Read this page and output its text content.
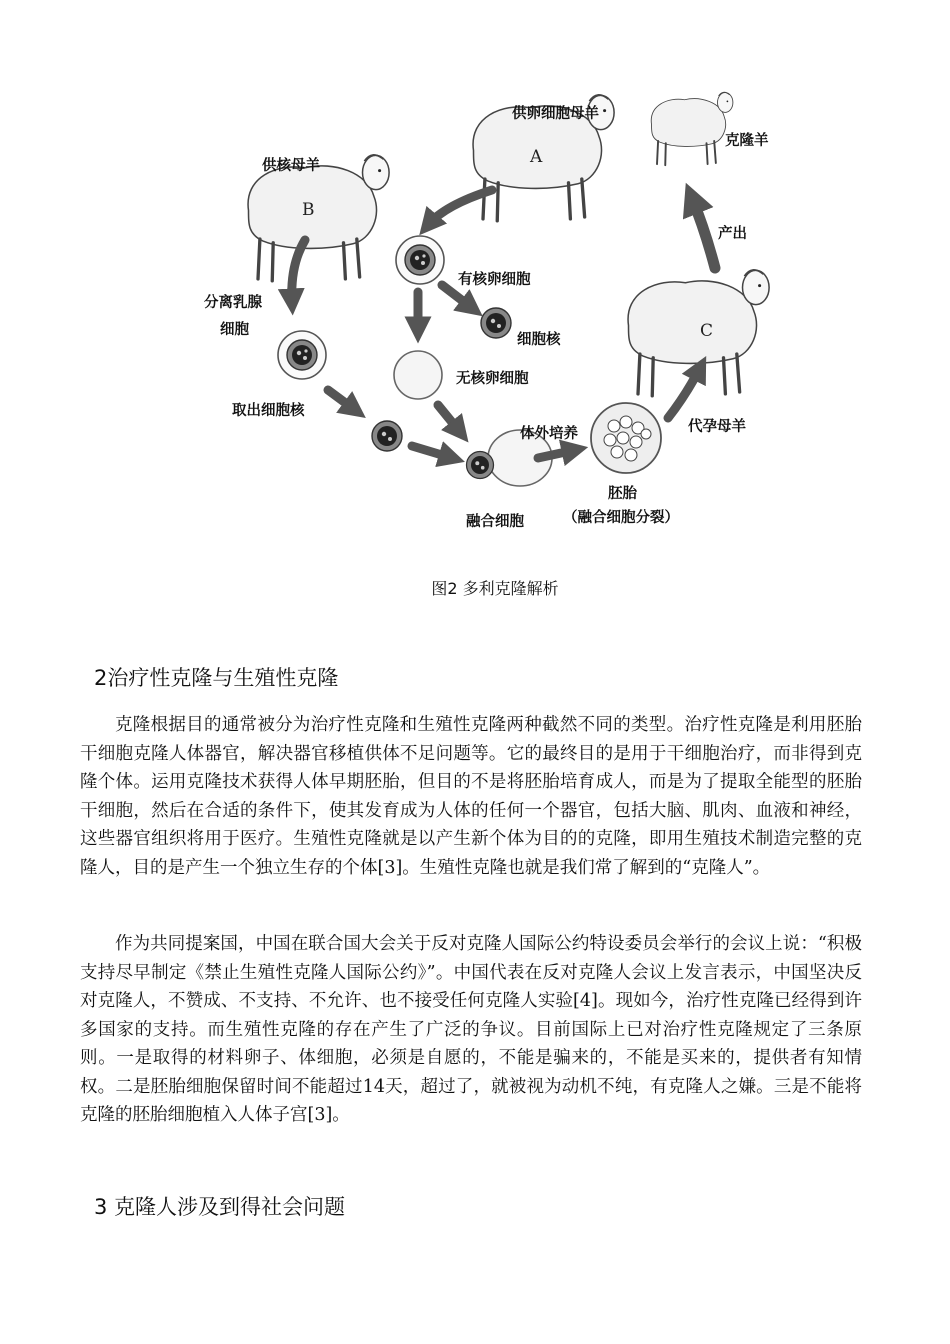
A
B
C
供卵细胞母羊
供核母羊
克隆羊
产出
分离乳腺
细胞
有核卵细胞
细胞核
无核卵细胞
取出细胞核
体外培养	代孕母羊
融合细胞
胚胎
（融合细胞分裂）
图2 多利克隆解析
2治疗性克隆与生殖性克隆

克隆根据目的通常被分为治疗性克隆和生殖性克隆两种截然不同的类型。治疗性克隆是利用胚胎干细胞克隆人体器官，解决器官移植供体不足问题等。它的最终目的是用于干细胞治疗，而非得到克隆个体。运用克隆技术获得人体早期胚胎，但目的不是将胚胎培育成人，而是为了提取全能型的胚胎干细胞，然后在合适的条件下，使其发育成为人体的任何一个器官，包括大脑、肌肉、血液和神经，这些器官组织将用于医疗。生殖性克隆就是以产生新个体为目的的克隆，即用生殖技术制造完整的克隆人，目的是产生一个独立生存的个体[3]。生殖性克隆也就是我们常了解到的“克隆人”。

作为共同提案国，中国在联合国大会关于反对克隆人国际公约特设委员会举行的会议上说：“积极支持尽早制定《禁止生殖性克隆人国际公约》”。中国代表在反对克隆人会议上发言表示，中国坚决反对克隆人，不赞成、不支持、不允许、也不接受任何克隆人实验[4]。现如今，治疗性克隆已经得到许多国家的支持。而生殖性克隆的存在产生了广泛的争议。目前国际上已对治疗性克隆规定了三条原则。一是取得的材料卵子、体细胞，必须是自愿的，不能是骗来的，不能是买来的，提供者有知情权。二是胚胎细胞保留时间不能超过14天，超过了，就被视为动机不纯，有克隆人之嫌。三是不能将克隆的胚胎细胞植入人体子宫[3]。

3 克隆人涉及到得社会问题
